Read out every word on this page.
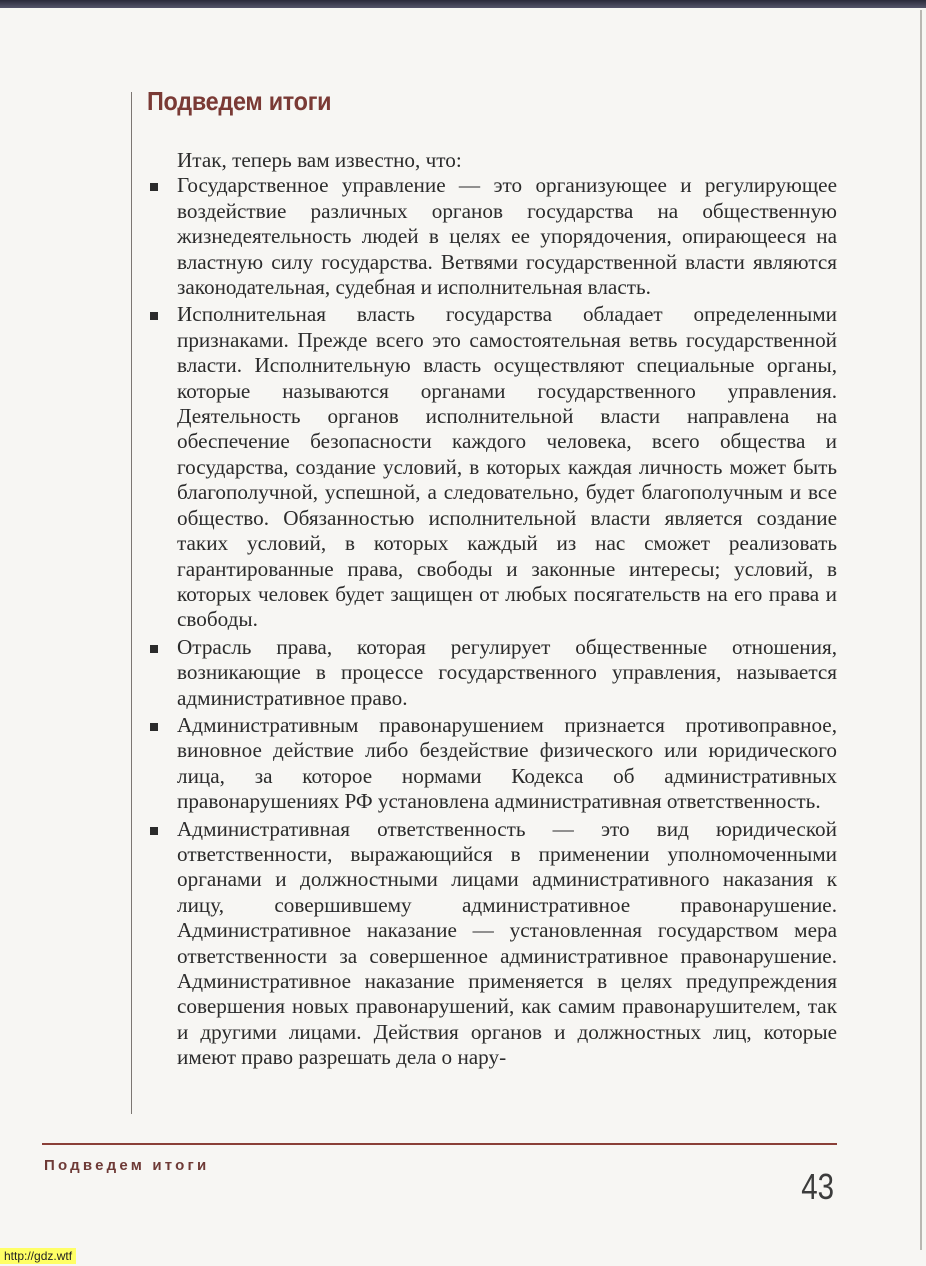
Подведем итоги

Итак, теперь вам известно, что:

Государственное управление — это организующее и регулирующее воздействие различных органов государства на общественную жизнедеятельность людей в целях ее упорядочения, опирающееся на властную силу государства. Ветвями государственной власти являются законодательная, судебная и исполнительная власть.
Исполнительная власть государства обладает определенными признаками. Прежде всего это самостоятельная ветвь государственной власти. Исполнительную власть осуществляют специальные органы, которые называются органами государственного управления. Деятельность органов исполнительной власти направлена на обеспечение безопасности каждого человека, всего общества и государства, создание условий, в которых каждая личность может быть благополучной, успешной, а следовательно, будет благополучным и все общество. Обязанностью исполнительной власти является создание таких условий, в которых каждый из нас сможет реализовать гарантированные права, свободы и законные интересы; условий, в которых человек будет защищен от любых посягательств на его права и свободы.
Отрасль права, которая регулирует общественные отношения, возникающие в процессе государственного управления, называется административное право.
Административным правонарушением признается противоправное, виновное действие либо бездействие физического или юридического лица, за которое нормами Кодекса об административных правонарушениях РФ установлена административная ответственность.
Административная ответственность — это вид юридической ответственности, выражающийся в применении уполномоченными органами и должностными лицами административного наказания к лицу, совершившему административное правонарушение. Административное наказание — установленная государством мера ответственности за совершенное административное правонарушение. Административное наказание применяется в целях предупреждения совершения новых правонарушений, как самим правонарушителем, так и другими лицами. Действия органов и должностных лиц, которые имеют право разрешать дела о нару-
Подведем итоги
43
http://gdz.wtf
